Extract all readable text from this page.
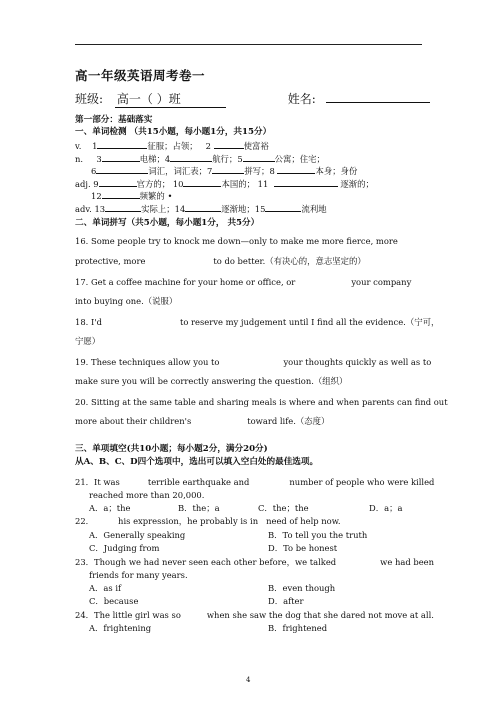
高一年级英语周考卷一
班级: 高一（ ）班	姓名:
第一部分：基础落实
一、单词检测 （共15小题，每小题1分，共15分）
v. 1	征服；占领； 2	使富裕
n. 3	电梯；4	航行；5	公寓；住宅；
6	词汇，词汇表；7	拼写；8	本身；身份
adj. 9	官方的； 10	本国的； 11	逐渐的；
12	频繁的 •
adv. 13	实际上；14	逐渐地；15	流利地
二、单词拼写（共5小题，每小题1分， 共5分）
16. Some people try to knock me down—only to make me more fierce, more
protective, more	to do better.（有决心的，意志坚定的）
17. Get a coffee machine for your home or office, or	your company
into buying one.（说服）
18. I'd	to reserve my judgement until I find all the evidence.（宁可，
宁愿）
19. These techniques allow you to	your thoughts quickly as well as to
make sure you will be correctly answering the question.（组织）
20. Sitting at the same table and sharing meals is where and when parents can find out
more about their children's	toward life.（态度）
三、单项填空(共10小题；每小题2分，满分20分)
从A、B、C、D四个选项中，选出可以填入空白处的最佳选项。
21．It was	terrible earthquake and	number of people who were killed
reached more than 20,000.
A．a；the	B．the；a	C．the；the	D．a；a
22．	his expression，he probably is in need of help now.
A．Generally speaking	B．To tell you the truth
C．Judging from	D．To be honest
23．Though we had never seen each other before，we talked	we had been
friends for many years.
A．as if	B．even though
C．because	D．after
24．The little girl was so	when she saw the dog that she dared not move at all.
A．frightening	B．frightened
4
